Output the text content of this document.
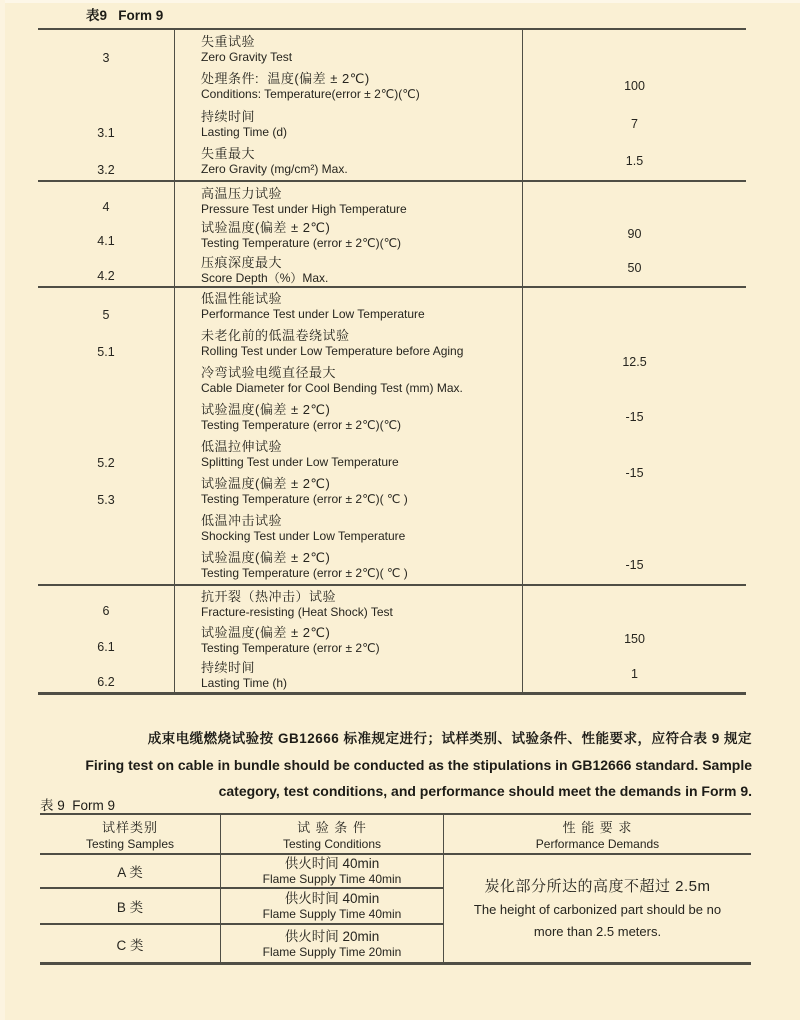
表9   Form 9
3
失重试验
Zero Gravity Test
处理条件:  温度(偏差 ± 2℃)
Conditions: Temperature(error ± 2℃)(℃)
100
3.1
持续时间
Lasting Time (d)
7
3.2
失重最大
Zero Gravity (mg/cm²) Max.
1.5
4
高温压力试验
Pressure Test under High Temperature
4.1
试验温度(偏差 ± 2℃)
Testing Temperature (error ± 2℃)(℃)
90
4.2
压痕深度最大
Score Depth（%）Max.
50
5
低温性能试验
Performance Test under Low Temperature
5.1
未老化前的低温卷绕试验
Rolling Test under Low Temperature before Aging
冷弯试验电缆直径最大
Cable Diameter for Cool Bending Test (mm) Max.
12.5
试验温度(偏差 ± 2℃)
Testing Temperature (error ± 2℃)(℃)
-15
5.2
低温拉伸试验
Splitting Test under Low Temperature
5.3
试验温度(偏差 ± 2℃)
Testing Temperature (error ± 2℃)( ℃ )
-15
低温冲击试验
Shocking Test under Low Temperature
试验温度(偏差 ± 2℃)
Testing Temperature (error ± 2℃)( ℃ )
-15
6
抗开裂（热冲击）试验
Fracture-resisting (Heat Shock) Test
6.1
试验温度(偏差 ± 2℃)
Testing Temperature (error ± 2℃)
150
6.2
持续时间
Lasting Time (h)
1
成束电缆燃烧试验按 GB12666 标准规定进行；试样类别、试验条件、性能要求，应符合表 9 规定
Firing test on cable in bundle should be conducted as the stipulations in GB12666 standard. Sample category, test conditions, and performance should meet the demands in Form 9.
表 9  Form 9
试样类别
Testing Samples
试 验 条 件
Testing Conditions
性 能 要 求
Performance Demands
A 类
供火时间 40min
Flame Supply Time 40min	炭化部分所达的高度不超过 2.5m
The height of carbonized part should be no more than 2.5 meters.
B 类
供火时间 40min
Flame Supply Time 40min
C 类
供火时间 20min
Flame Supply Time 20min
